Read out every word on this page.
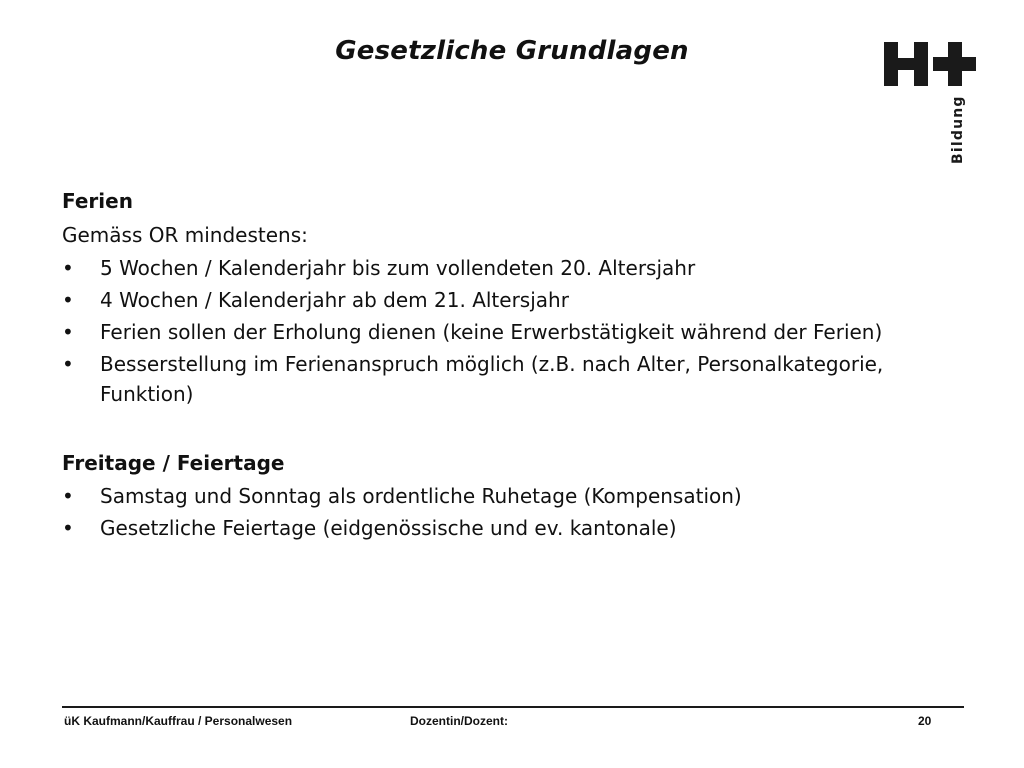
Gesetzliche Grundlagen
Bildung

Ferien

Gemäss OR mindestens:

•	5 Wochen / Kalenderjahr bis zum vollendeten 20. Altersjahr
•	4 Wochen / Kalenderjahr ab dem 21. Altersjahr
•	Ferien sollen der Erholung dienen (keine Erwerbstätigkeit während der Ferien)
•	Besserstellung im Ferienanspruch möglich (z.B. nach Alter, Personalkategorie, Funktion)

Freitage / Feiertage

•	Samstag und Sonntag als ordentliche Ruhetage (Kompensation)
•	Gesetzliche Feiertage (eidgenössische und ev. kantonale)
üK Kaufmann/Kauffrau / Personalwesen	Dozentin/Dozent:	20
